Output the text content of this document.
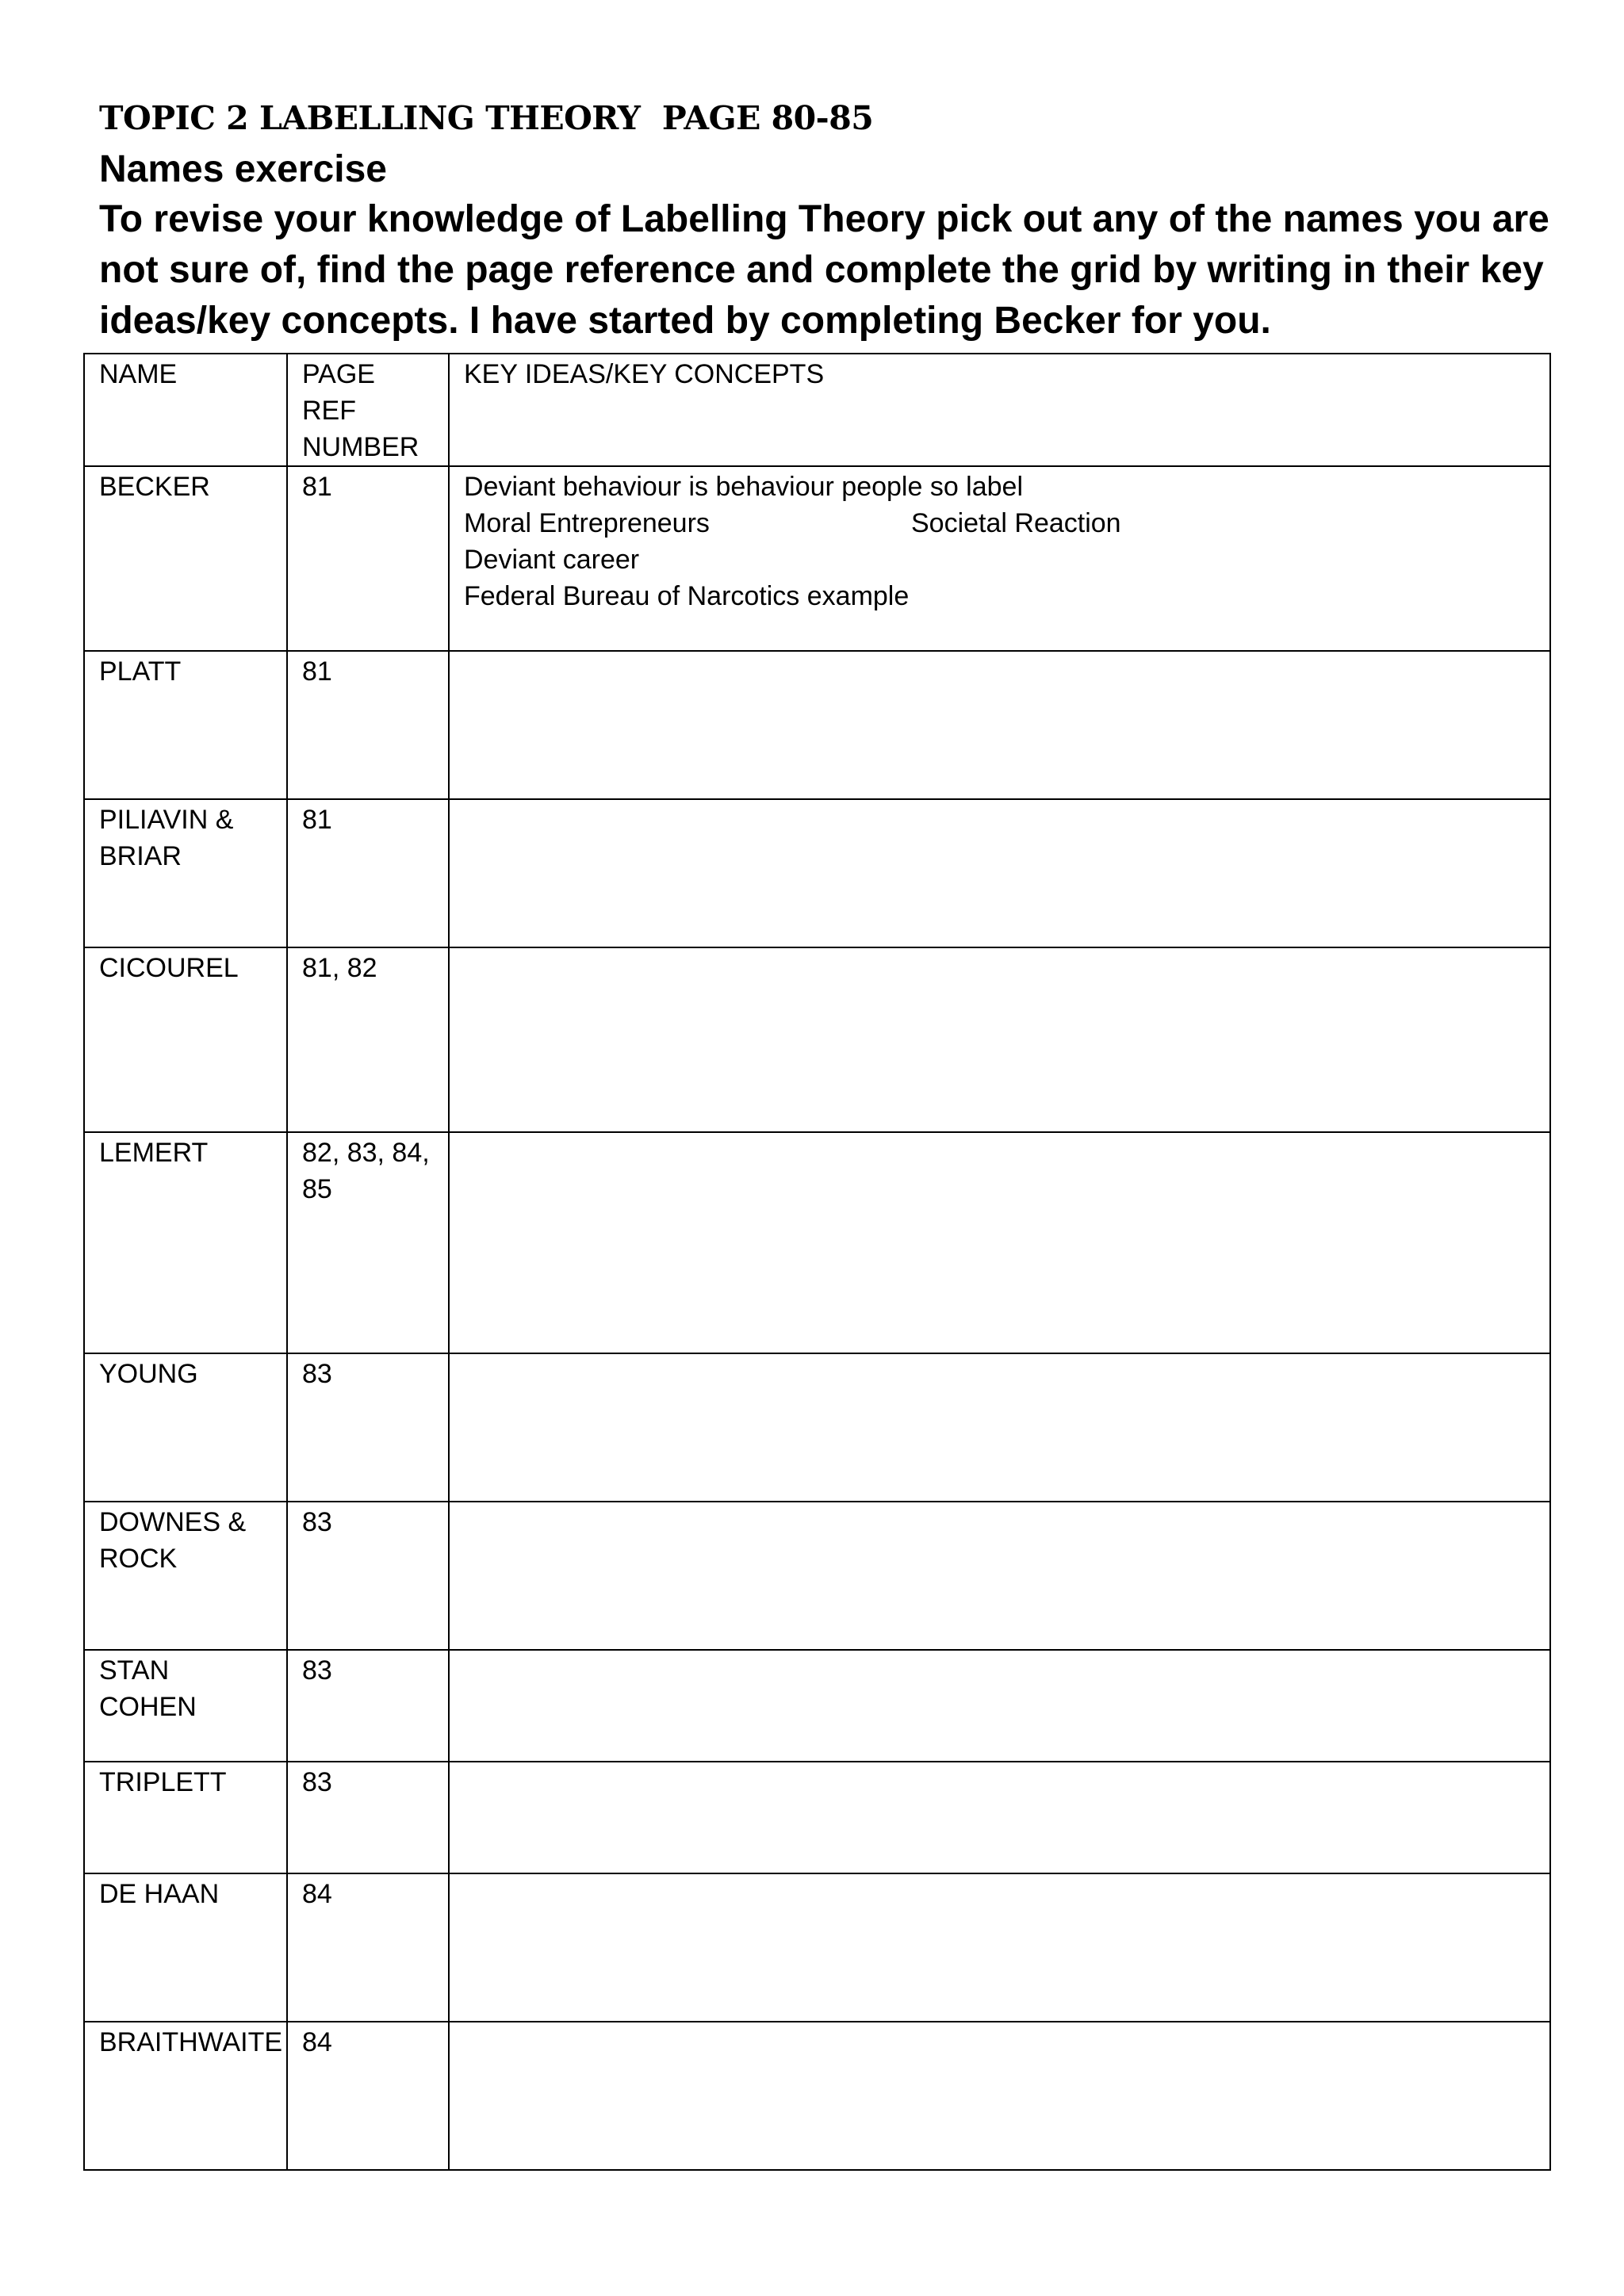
TOPIC 2 LABELLING THEORY  PAGE 80-85
Names exercise
To revise your knowledge of Labelling Theory pick out any of the names you are not sure of, find the page reference and complete the grid by writing in their key ideas/key concepts. I have started by completing Becker for you.
NAME	PAGE REF NUMBER	KEY IDEAS/KEY CONCEPTS
BECKER	81	Deviant behaviour is behaviour people so label
Moral Entrepreneurs Societal Reaction
Deviant career
Federal Bureau of Narcotics example

PLATT	81	
PILIAVIN & BRIAR	81	
CICOUREL	81, 82	
LEMERT	82, 83, 84, 85	
YOUNG	83	
DOWNES & ROCK	83	
STAN COHEN	83	
TRIPLETT	83	
DE HAAN	84	
BRAITHWAITE	84	
